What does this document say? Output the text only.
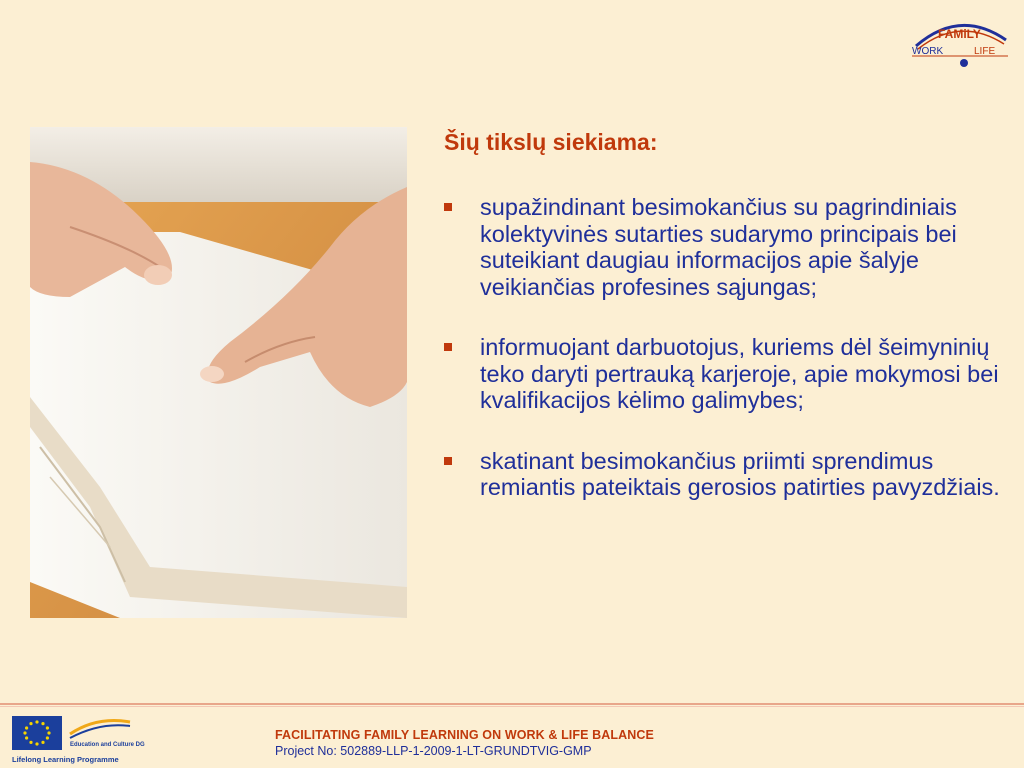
FAMiLY
WORK	LIFE
Šių tikslų siekiama:
supažindinant besimokančius su pagrindiniais kolektyvinės sutarties sudarymo principais bei suteikiant daugiau informacijos apie šalyje veikiančias profesines sąjungas;
informuojant darbuotojus, kuriems dėl šeimyninių teko daryti pertrauką karjeroje, apie mokymosi bei kvalifikacijos kėlimo galimybes;
skatinant besimokančius priimti sprendimus remiantis pateiktais gerosios patirties pavyzdžiais.
Education and Culture DG
Lifelong Learning Programme
FACILITATING FAMILY LEARNING ON WORK & LIFE BALANCE
Project No: 502889-LLP-1-2009-1-LT-GRUNDTVIG-GMP
